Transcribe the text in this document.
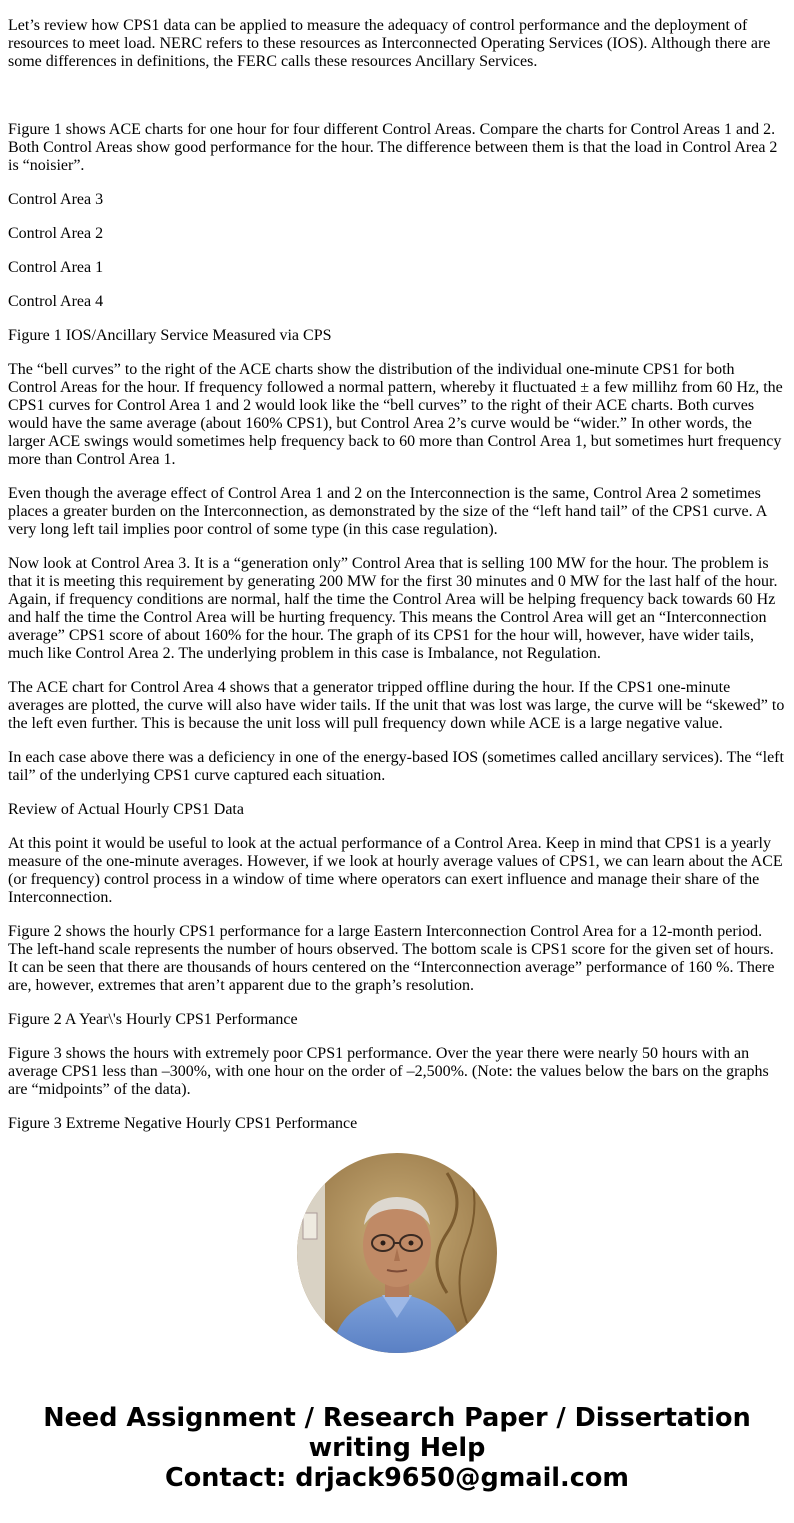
Let’s review how CPS1 data can be applied to measure the adequacy of control performance and the deployment of resources to meet load. NERC refers to these resources as Interconnected Operating Services (IOS). Although there are some differences in definitions, the FERC calls these resources Ancillary Services.

Figure 1 shows ACE charts for one hour for four different Control Areas. Compare the charts for Control Areas 1 and 2. Both Control Areas show good performance for the hour. The difference between them is that the load in Control Area 2 is “noisier”.

Control Area 3

Control Area 2

Control Area 1

Control Area 4

Figure 1 IOS/Ancillary Service Measured via CPS

The “bell curves” to the right of the ACE charts show the distribution of the individual one-minute CPS1 for both Control Areas for the hour. If frequency followed a normal pattern, whereby it fluctuated ± a few millihz from 60 Hz, the CPS1 curves for Control Area 1 and 2 would look like the “bell curves” to the right of their ACE charts. Both curves would have the same average (about 160% CPS1), but Control Area 2’s curve would be “wider.” In other words, the larger ACE swings would sometimes help frequency back to 60 more than Control Area 1, but sometimes hurt frequency more than Control Area 1.

Even though the average effect of Control Area 1 and 2 on the Interconnection is the same, Control Area 2 sometimes places a greater burden on the Interconnection, as demonstrated by the size of the “left hand tail” of the CPS1 curve. A very long left tail implies poor control of some type (in this case regulation).

Now look at Control Area 3. It is a “generation only” Control Area that is selling 100 MW for the hour. The problem is that it is meeting this requirement by generating 200 MW for the first 30 minutes and 0 MW for the last half of the hour. Again, if frequency conditions are normal, half the time the Control Area will be helping frequency back towards 60 Hz and half the time the Control Area will be hurting frequency. This means the Control Area will get an “Interconnection average” CPS1 score of about 160% for the hour. The graph of its CPS1 for the hour will, however, have wider tails, much like Control Area 2. The underlying problem in this case is Imbalance, not Regulation.

The ACE chart for Control Area 4 shows that a generator tripped offline during the hour. If the CPS1 one-minute averages are plotted, the curve will also have wider tails. If the unit that was lost was large, the curve will be “skewed” to the left even further. This is because the unit loss will pull frequency down while ACE is a large negative value.

In each case above there was a deficiency in one of the energy-based IOS (sometimes called ancillary services). The “left tail” of the underlying CPS1 curve captured each situation.

Review of Actual Hourly CPS1 Data

At this point it would be useful to look at the actual performance of a Control Area. Keep in mind that CPS1 is a yearly measure of the one-minute averages. However, if we look at hourly average values of CPS1, we can learn about the ACE (or frequency) control process in a window of time where operators can exert influence and manage their share of the Interconnection.

Figure 2 shows the hourly CPS1 performance for a large Eastern Interconnection Control Area for a 12-month period. The left-hand scale represents the number of hours observed. The bottom scale is CPS1 score for the given set of hours. It can be seen that there are thousands of hours centered on the “Interconnection average” performance of 160 %. There are, however, extremes that aren’t apparent due to the graph’s resolution.

Figure 2 A Year\'s Hourly CPS1 Performance

Figure 3 shows the hours with extremely poor CPS1 performance. Over the year there were nearly 50 hours with an average CPS1 less than –300%, with one hour on the order of –2,500%. (Note: the values below the bars on the graphs are “midpoints” of the data).

Figure 3 Extreme Negative Hourly CPS1 Performance

Need Assignment / Research Paper / Dissertation
writing Help
Contact: drjack9650@gmail.com
